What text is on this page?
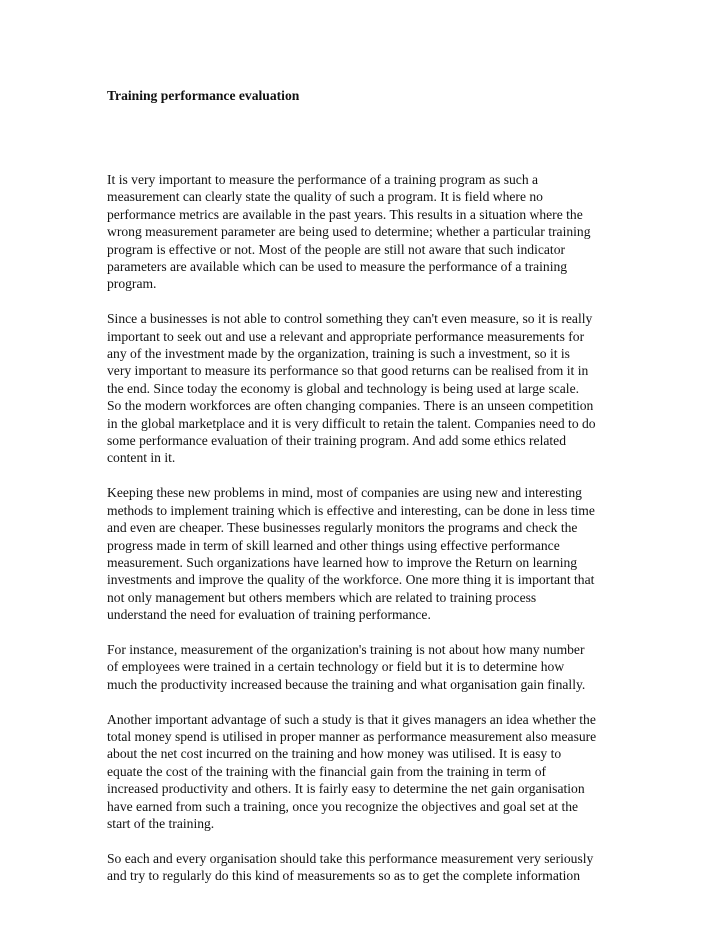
Training performance evaluation
It is very important to measure the performance of a training program as such a
measurement can clearly state the quality of such a program. It is field where no
performance metrics are available in the past years. This results in a situation where the
wrong measurement parameter are being used to determine; whether a particular training
program is effective or not. Most of the people are still not aware that such indicator
parameters are available which can be used to measure the performance of a training
program.
Since a businesses is not able to control something they can't even measure, so it is really
important to seek out and use a relevant and appropriate performance measurements for
any of the investment made by the organization, training is such a investment, so it is
very important to measure its performance so that good returns can be realised from it in
the end. Since today the economy is global and technology is being used at large scale.
So the modern workforces are often changing companies. There is an unseen competition
in the global marketplace and it is very difficult to retain the talent. Companies need to do
some performance evaluation of their training program. And add some ethics related
content in it.
Keeping these new problems in mind, most of companies are using new and interesting
methods to implement training which is effective and interesting, can be done in less time
and even are cheaper. These businesses regularly monitors the programs and check the
progress made in term of skill learned and other things using effective performance
measurement. Such organizations have learned how to improve the Return on learning
investments and improve the quality of the workforce. One more thing it is important that
not only management but others members which are related to training process
understand the need for evaluation of training performance.
For instance, measurement of the organization's training is not about how many number
of employees were trained in a certain technology or field but it is to determine how
much the productivity increased because the training and what organisation gain finally.
Another important advantage of such a study is that it gives managers an idea whether the
total money spend is utilised in proper manner as performance measurement also measure
about the net cost incurred on the training and how money was utilised. It is easy to
equate the cost of the training with the financial gain from the training in term of
increased productivity and others. It is fairly easy to determine the net gain organisation
have earned from such a training, once you recognize the objectives and goal set at the
start of the training.
So each and every organisation should take this performance measurement very seriously
and try to regularly do this kind of measurements so as to get the complete information
